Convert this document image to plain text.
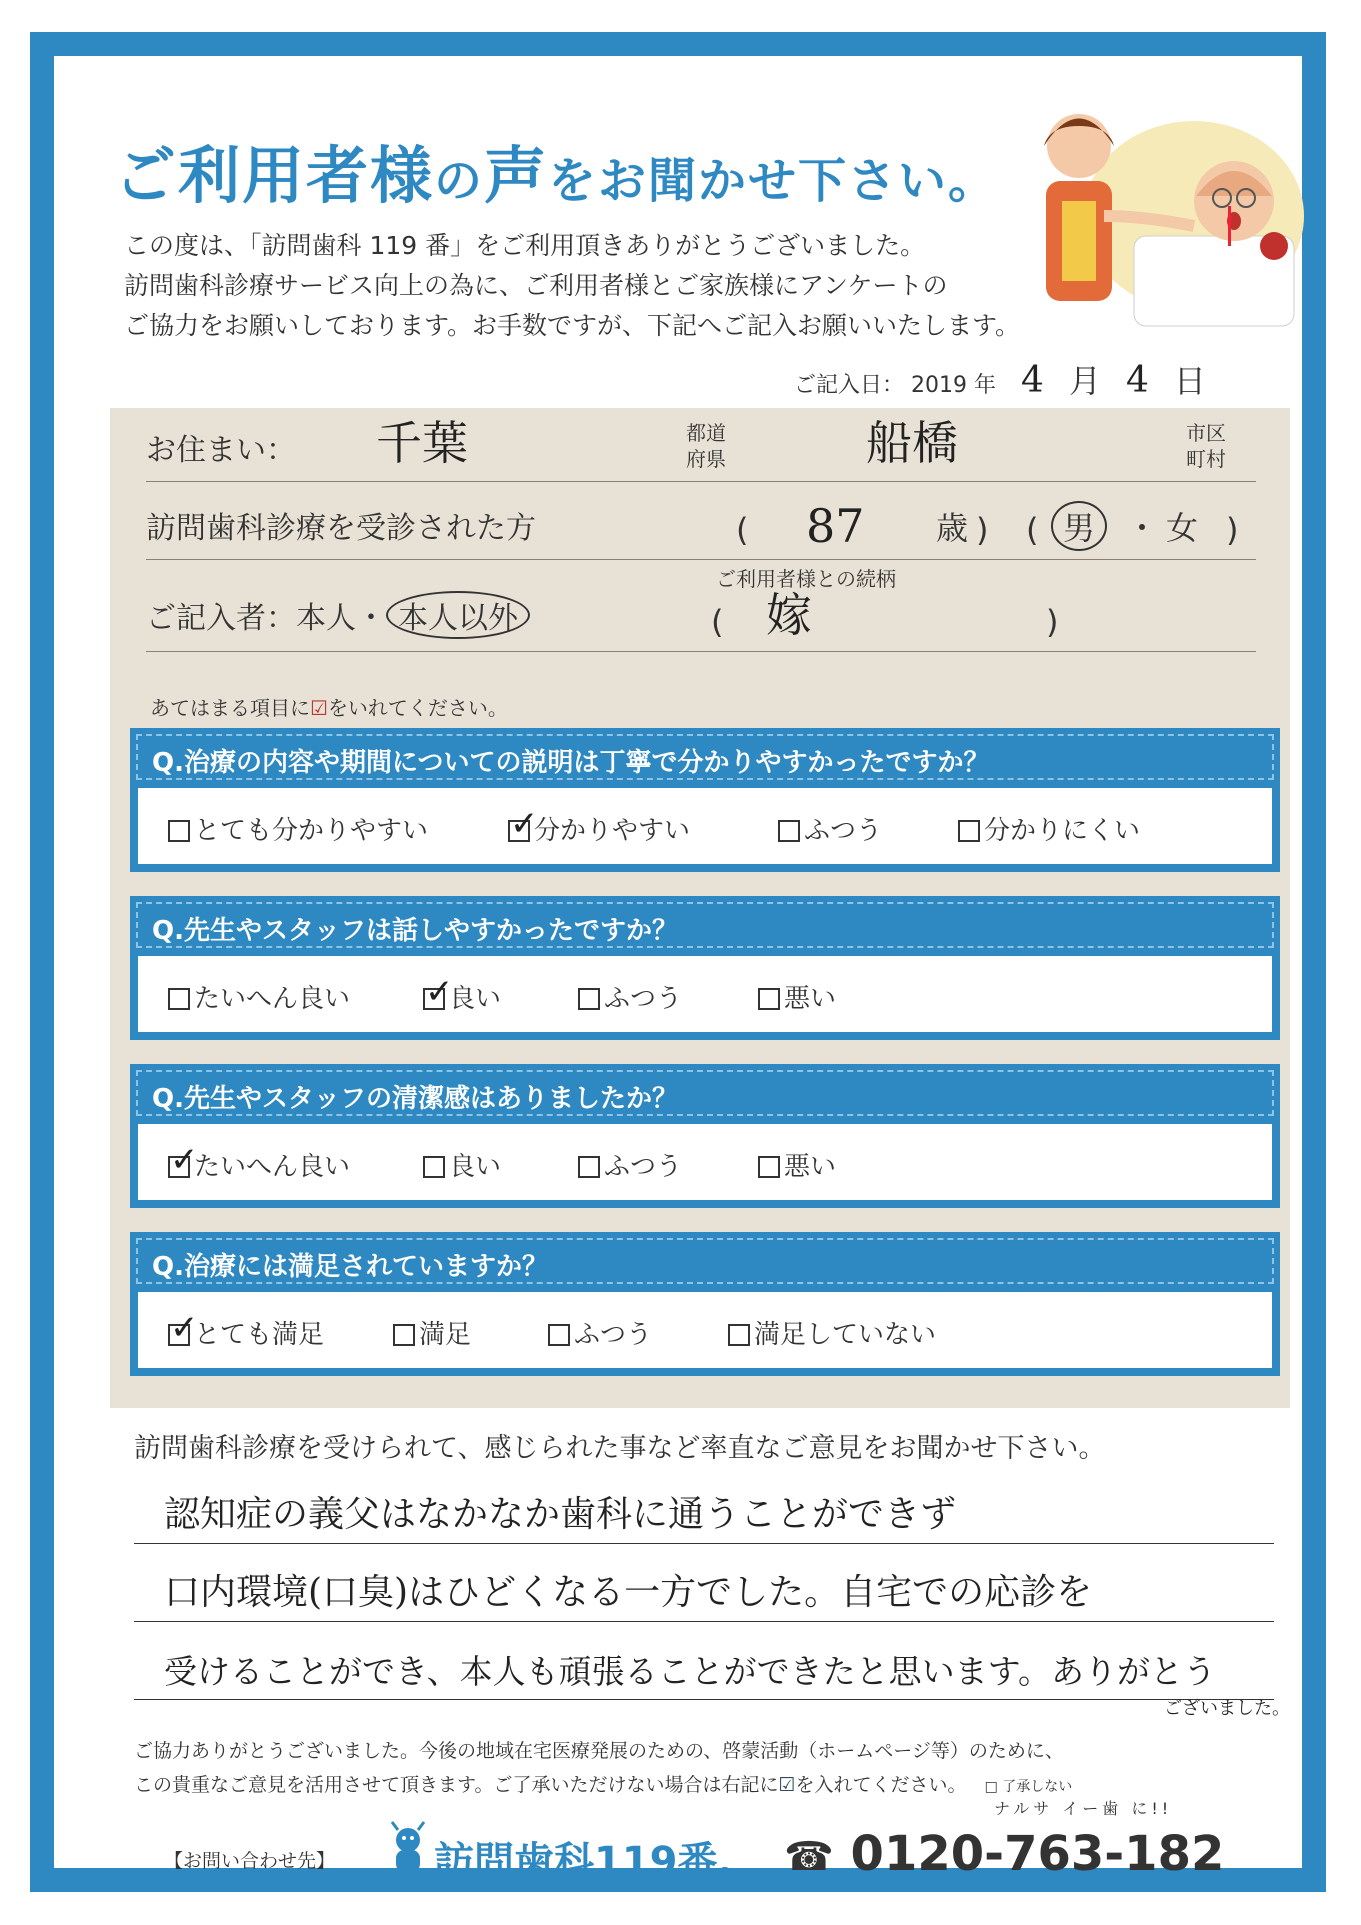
ご利用者様の声をお聞かせ下さい。
この度は、「訪問歯科 119 番」をご利用頂きありがとうございました。
訪問歯科診療サービス向上の為に、ご利用者様とご家族様にアンケートの
ご協力をお願いしております。お手数ですが、下記へご記入お願いいたします。
ご記入日： 2019 年 4 月 4 日
お住まい： 千葉	都道
府県	船橋	市区
町村
訪問歯科診療を受診された方	( 87 歳 ) ( 男 ・ 女 )
ご記入者：本人・ 本人以外
ご利用者様との続柄
( 嫁	)
あてはまる項目に☑をいれてください。
Q.治療の内容や期間についての説明は丁寧で分かりやすかったですか？
とても分かりやすい ✓	分かりやすい	ふつう	分かりにくい
Q.先生やスタッフは話しやすかったですか？
たいへん良い ✓	良い	ふつう	悪い
Q.先生やスタッフの清潔感はありましたか？
✓たいへん良い	良い	ふつう	悪い
Q.治療には満足されていますか？
✓とても満足	満足	ふつう	満足していない
訪問歯科診療を受けられて、感じられた事など率直なご意見をお聞かせ下さい。
認知症の義父はなかなか歯科に通うことができず
口内環境(口臭)はひどくなる一方でした。自宅での応診を
受けることができ、本人も頑張ることができたと思います。ありがとう
ございました。
ご協力ありがとうございました。今後の地域在宅医療発展のための、啓蒙活動（ホームページ等）のために、
この貴重なご意見を活用させて頂きます。ご了承いただけない場合は右記に☑を入れてください。 □ 了承しない
【お問い合わせ先】 訪問歯科119番。
ナルサ イー歯 に!!
☎ 0120-763-182
